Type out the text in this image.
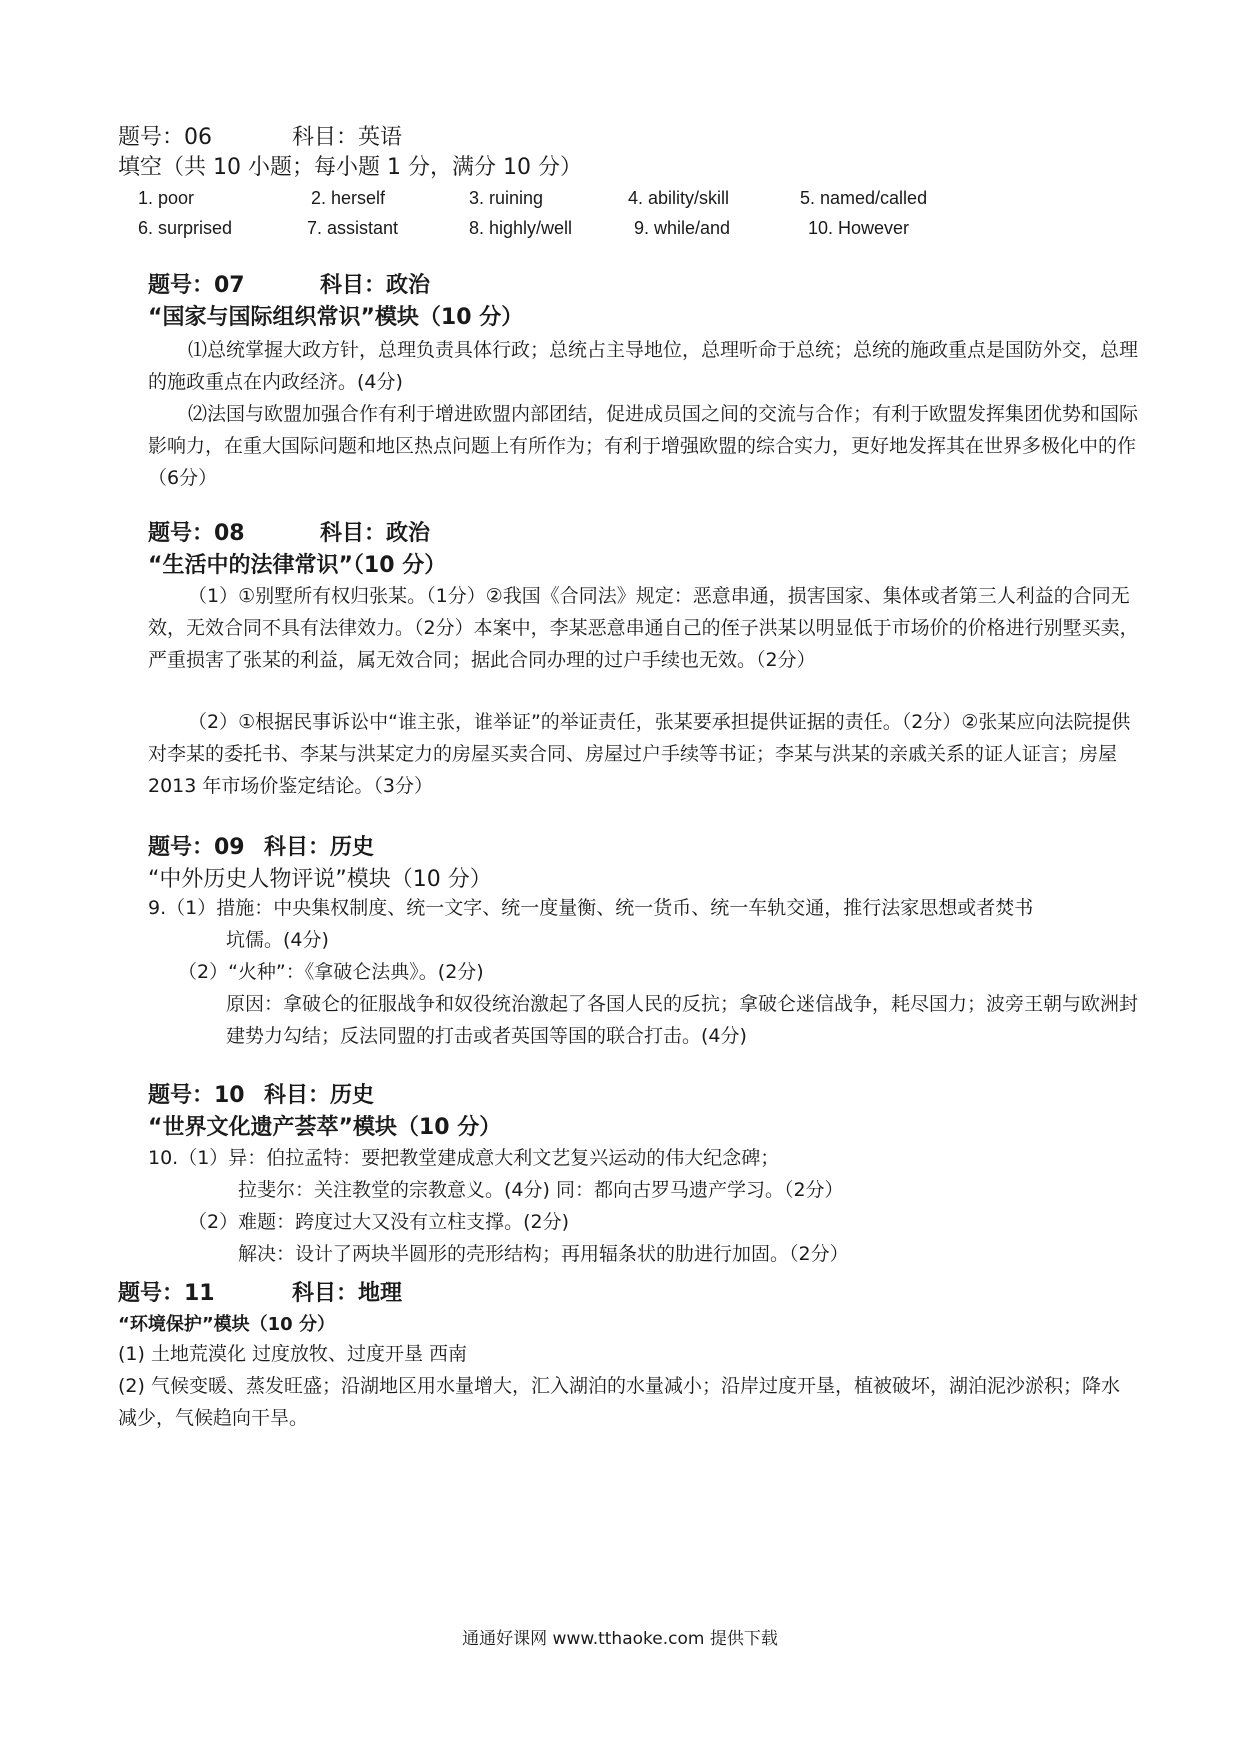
题号：06	科目：英语
填空（共 10 小题；每小题 1 分，满分 10 分）
1. poor	2. herself	3. ruining	4. ability/skill	5. named/called
6. surprised	7. assistant	8. highly/well	9. while/and	10. However
题号：07	科目：政治
“国家与国际组织常识”模块（10 分）
⑴总统掌握大政方针，总理负责具体行政；总统占主导地位，总理听命于总统；总统的施政重点是国防外交，总理的施政重点在内政经济。(4分)
⑵法国与欧盟加强合作有利于增进欧盟内部团结，促进成员国之间的交流与合作；有利于欧盟发挥集团优势和国际影响力，在重大国际问题和地区热点问题上有所作为；有利于增强欧盟的综合实力，更好地发挥其在世界多极化中的作（6分）
题号：08	科目：政治
“生活中的法律常识”（10 分）
（1）①别墅所有权归张某。（1分）②我国《合同法》规定：恶意串通，损害国家、集体或者第三人利益的合同无效，无效合同不具有法律效力。（2分）本案中，李某恶意串通自己的侄子洪某以明显低于市场价的价格进行别墅买卖，严重损害了张某的利益，属无效合同；据此合同办理的过户手续也无效。（2分）
（2）①根据民事诉讼中“谁主张，谁举证”的举证责任，张某要承担提供证据的责任。（2分）②张某应向法院提供对李某的委托书、李某与洪某定力的房屋买卖合同、房屋过户手续等书证；李某与洪某的亲戚关系的证人证言；房屋 2013 年市场价鉴定结论。（3分）
题号：09 科目：历史
“中外历史人物评说”模块（10 分）
9.（1）措施：中央集权制度、统一文字、统一度量衡、统一货币、统一车轨交通，推行法家思想或者焚书
坑儒。(4分)
（2）“火种”：《拿破仑法典》。(2分)
原因：拿破仑的征服战争和奴役统治激起了各国人民的反抗；拿破仑迷信战争，耗尽国力；波旁王朝与欧洲封建势力勾结；反法同盟的打击或者英国等国的联合打击。(4分)
题号：10 科目：历史
“世界文化遗产荟萃”模块（10 分）
10.（1）异：伯拉孟特：要把教堂建成意大利文艺复兴运动的伟大纪念碑；
拉斐尔：关注教堂的宗教意义。(4分) 同：都向古罗马遗产学习。（2分）
（2）难题：跨度过大又没有立柱支撑。(2分)
解决：设计了两块半圆形的壳形结构；再用辐条状的肋进行加固。（2分）
题号：11	科目：地理
“环境保护”模块（10 分）
(1) 土地荒漠化 过度放牧、过度开垦 西南
(2) 气候变暖、蒸发旺盛；沿湖地区用水量增大，汇入湖泊的水量减小；沿岸过度开垦，植被破坏，湖泊泥沙淤积；降水减少，气候趋向干旱。
通通好课网 www.tthaoke.com 提供下载
